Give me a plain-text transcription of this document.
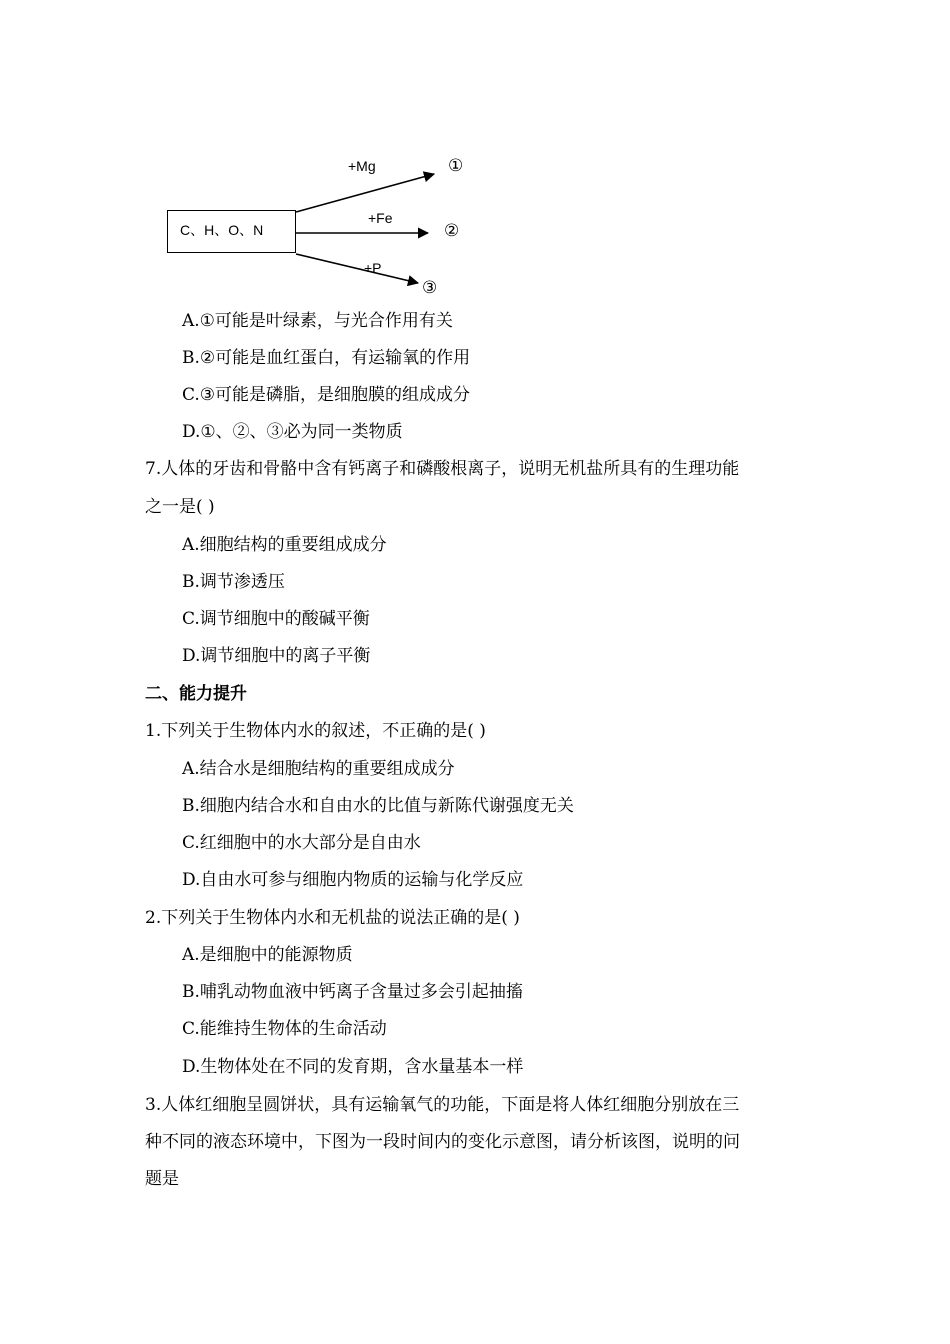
C、H、O、N
+Mg	①
+Fe
②
+P
③
A.①可能是叶绿素，与光合作用有关
B.②可能是血红蛋白，有运输氧的作用
C.③可能是磷脂，是细胞膜的组成成分
D.①、②、③必为同一类物质
7.人体的牙齿和骨骼中含有钙离子和磷酸根离子，说明无机盐所具有的生理功能
之一是( )
A.细胞结构的重要组成成分
B.调节渗透压
C.调节细胞中的酸碱平衡
D.调节细胞中的离子平衡
二、能力提升
1.下列关于生物体内水的叙述，不正确的是( )
A.结合水是细胞结构的重要组成成分
B.细胞内结合水和自由水的比值与新陈代谢强度无关
C.红细胞中的水大部分是自由水
D.自由水可参与细胞内物质的运输与化学反应
2.下列关于生物体内水和无机盐的说法正确的是( )
A.是细胞中的能源物质
B.哺乳动物血液中钙离子含量过多会引起抽搐
C.能维持生物体的生命活动
D.生物体处在不同的发育期，含水量基本一样
3.人体红细胞呈圆饼状，具有运输氧气的功能，下面是将人体红细胞分别放在三
种不同的液态环境中，下图为一段时间内的变化示意图，请分析该图，说明的问
题是
